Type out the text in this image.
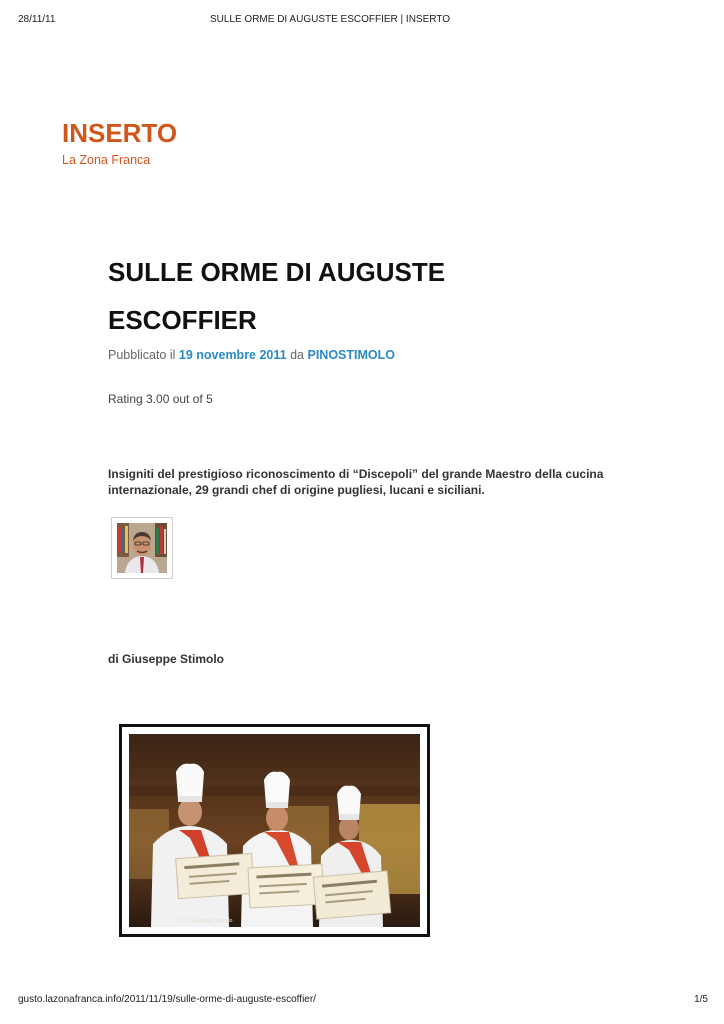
28/11/11	SULLE ORME DI AUGUSTE ESCOFFIER | INSERTO
INSERTO
La Zona Franca
SULLE ORME DI AUGUSTE
ESCOFFIER
Pubblicato il 19 novembre 2011 da PINOSTIMOLO
Rating 3.00 out of 5
Insigniti del prestigioso riconoscimento di “Discepoli” del grande Maestro della cucina internazionale, 29 grandi chef di origine pugliesi, lucani e siciliani.
di Giuseppe Stimolo
Ph. © Giuseppe Stimolo
gusto.lazonafranca.info/2011/11/19/sulle-orme-di-auguste-escoffier/	1/5
